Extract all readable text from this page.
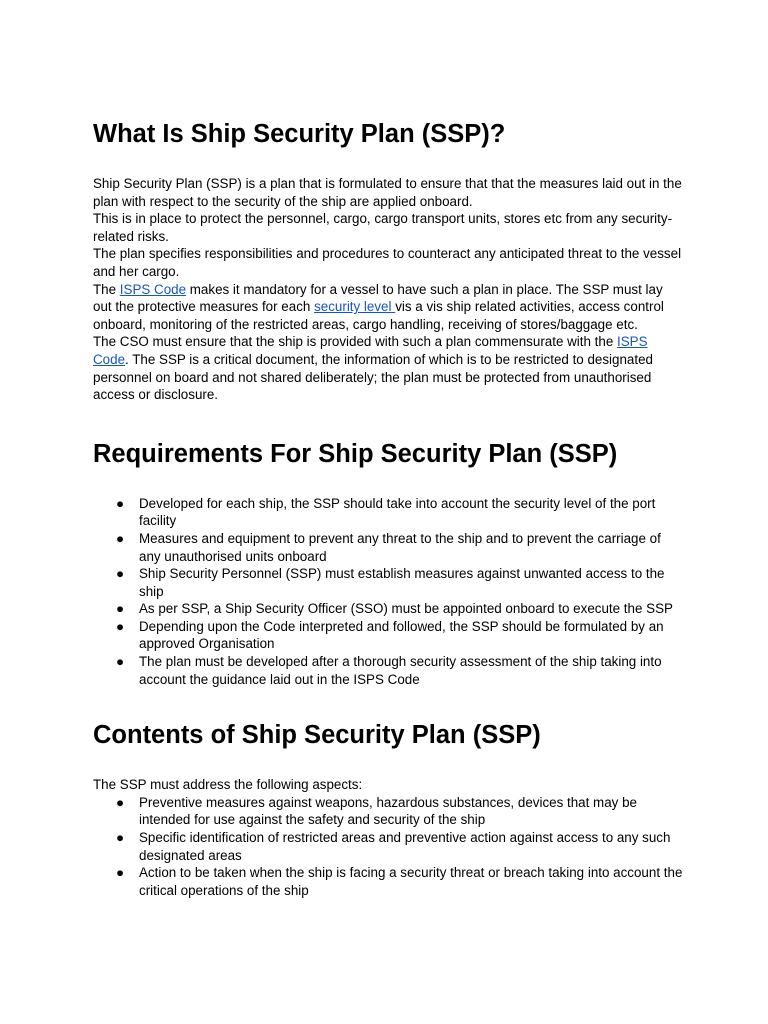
What Is Ship Security Plan (SSP)?

Ship Security Plan (SSP) is a plan that is formulated to ensure that that the measures laid out in the plan with respect to the security of the ship are applied onboard.

This is in place to protect the personnel, cargo, cargo transport units, stores etc from any security-related risks.

The plan specifies responsibilities and procedures to counteract any anticipated threat to the vessel and her cargo.

The ISPS Code makes it mandatory for a vessel to have such a plan in place. The SSP must lay out the protective measures for each security level vis a vis ship related activities, access control onboard, monitoring of the restricted areas, cargo handling, receiving of stores/baggage etc.

The CSO must ensure that the ship is provided with such a plan commensurate with the ISPS Code. The SSP is a critical document, the information of which is to be restricted to designated personnel on board and not shared deliberately; the plan must be protected from unauthorised access or disclosure.

Requirements For Ship Security Plan (SSP)
● Developed for each ship, the SSP should take into account the security level of the port facility
● Measures and equipment to prevent any threat to the ship and to prevent the carriage of any unauthorised units onboard
● Ship Security Personnel (SSP) must establish measures against unwanted access to the ship
● As per SSP, a Ship Security Officer (SSO) must be appointed onboard to execute the SSP
● Depending upon the Code interpreted and followed, the SSP should be formulated by an approved Organisation
● The plan must be developed after a thorough security assessment of the ship taking into account the guidance laid out in the ISPS Code
Contents of Ship Security Plan (SSP)

The SSP must address the following aspects:

● Preventive measures against weapons, hazardous substances, devices that may be intended for use against the safety and security of the ship
● Specific identification of restricted areas and preventive action against access to any such designated areas
● Action to be taken when the ship is facing a security threat or breach taking into account the critical operations of the ship
